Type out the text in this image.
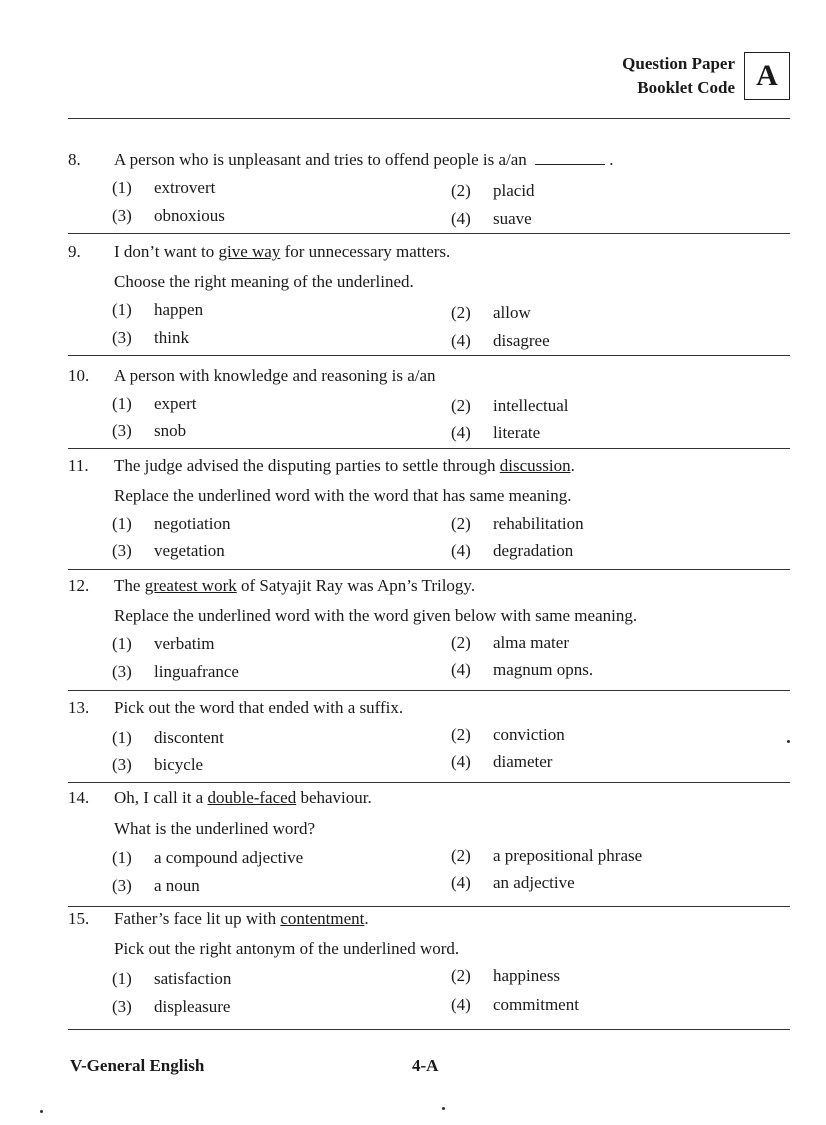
Question Paper
Booklet Code A
8.	A person who is unpleasant and tries to offend people is a/an	.
(1) extrovert	(2) placid
(3) obnoxious	(4) suave
9.	I don’t want to give way for unnecessary matters.
Choose the right meaning of the underlined.
(1) happen	(2) allow
(3) think	(4) disagree
10.	A person with knowledge and reasoning is a/an
(1) expert	(2) intellectual
(3) snob	(4) literate
11.	The judge advised the disputing parties to settle through discussion.
Replace the underlined word with the word that has same meaning.
(1) negotiation	(2) rehabilitation
(3) vegetation	(4) degradation
12.	The greatest work of Satyajit Ray was Apn’s Trilogy.
Replace the underlined word with the word given below with same meaning.
(1) verbatim	(2) alma mater
(3) linguafrance	(4) magnum opns.
13.	Pick out the word that ended with a suffix.
(1) discontent	(2) conviction
(3) bicycle	(4) diameter
14.	Oh, I call it a double-faced behaviour.
What is the underlined word?
(1) a compound adjective	(2) a prepositional phrase
(3) a noun	(4) an adjective
15.	Father’s face lit up with contentment.
Pick out the right antonym of the underlined word.
(1) satisfaction	(2) happiness
(3) displeasure	(4) commitment
V-General English	4-A
